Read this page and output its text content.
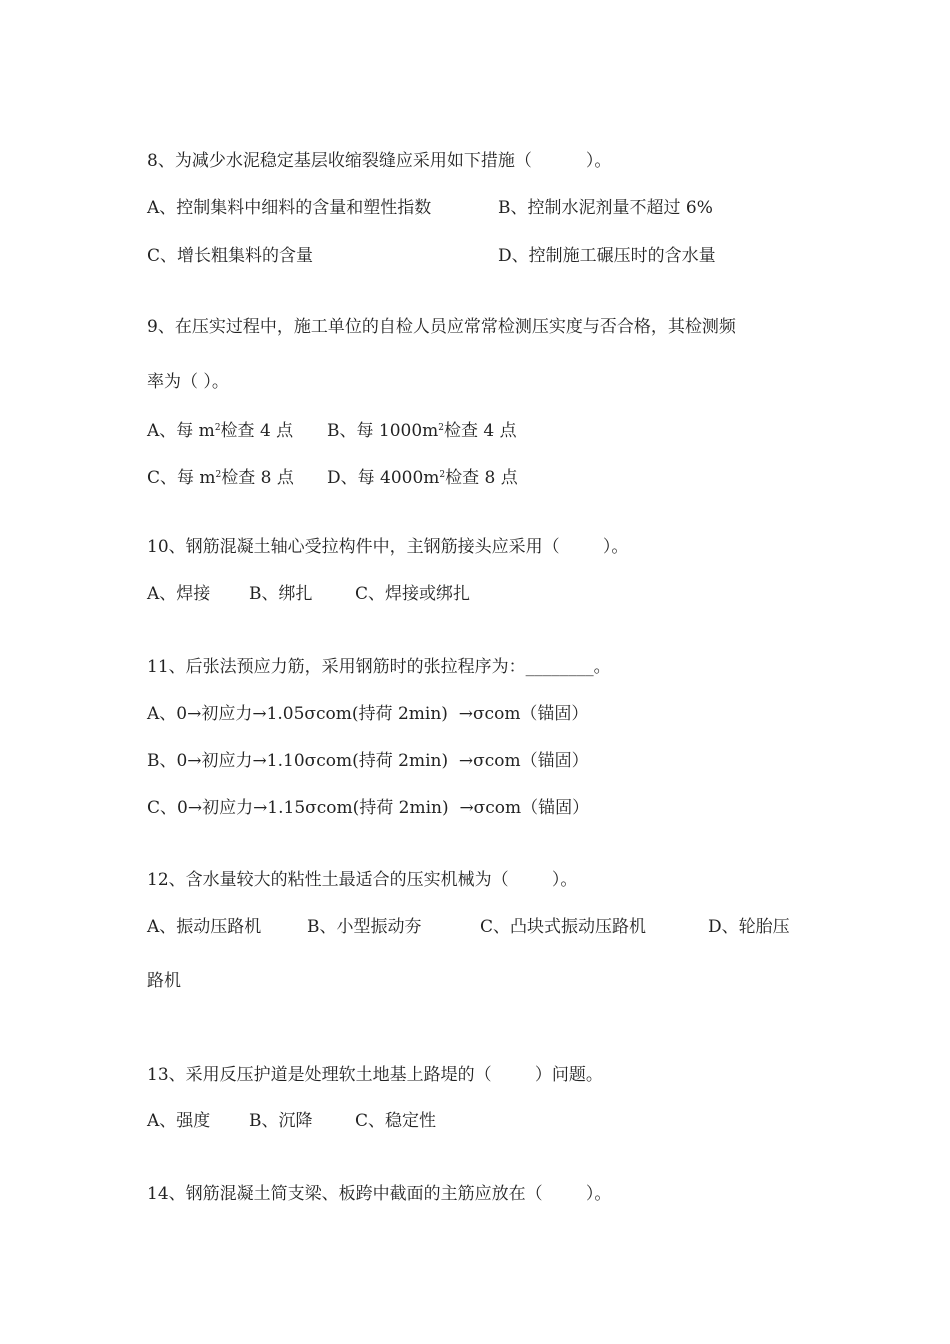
8、为减少水泥稳定基层收缩裂缝应采用如下措施（          ）。
A、控制集料中细料的含量和塑性指数	B、控制水泥剂量不超过 6%
C、增长粗集料的含量	D、控制施工碾压时的含水量
9、在压实过程中，施工单位的自检人员应常常检测压实度与否合格，其检测频
率为（ ）。
A、每 $m^2$检查 4 点 B、每 $1000m^2$检查 4 点
C、每 $m^2$检查 8 点 D、每 $4000m^2$检查 8 点
10、钢筋混凝土轴心受拉构件中，主钢筋接头应采用（        ）。
A、焊接 B、绑扎	C、焊接或绑扎
11、后张法预应力筋，采用钢筋时的张拉程序为：________。
A、0→初应力→1.05σcom(持荷 2min)  →σcom（锚固）
B、0→初应力→1.10σcom(持荷 2min)  →σcom（锚固）
C、0→初应力→1.15σcom(持荷 2min)  →σcom（锚固）
12、含水量较大的粘性土最适合的压实机械为（        ）。
A、振动压路机	B、小型振动夯	C、凸块式振动压路机	D、轮胎压
路机
13、采用反压护道是处理软土地基上路堤的（        ）问题。
A、强度 B、沉降	C、稳定性
14、钢筋混凝土简支梁、板跨中截面的主筋应放在（        ）。
